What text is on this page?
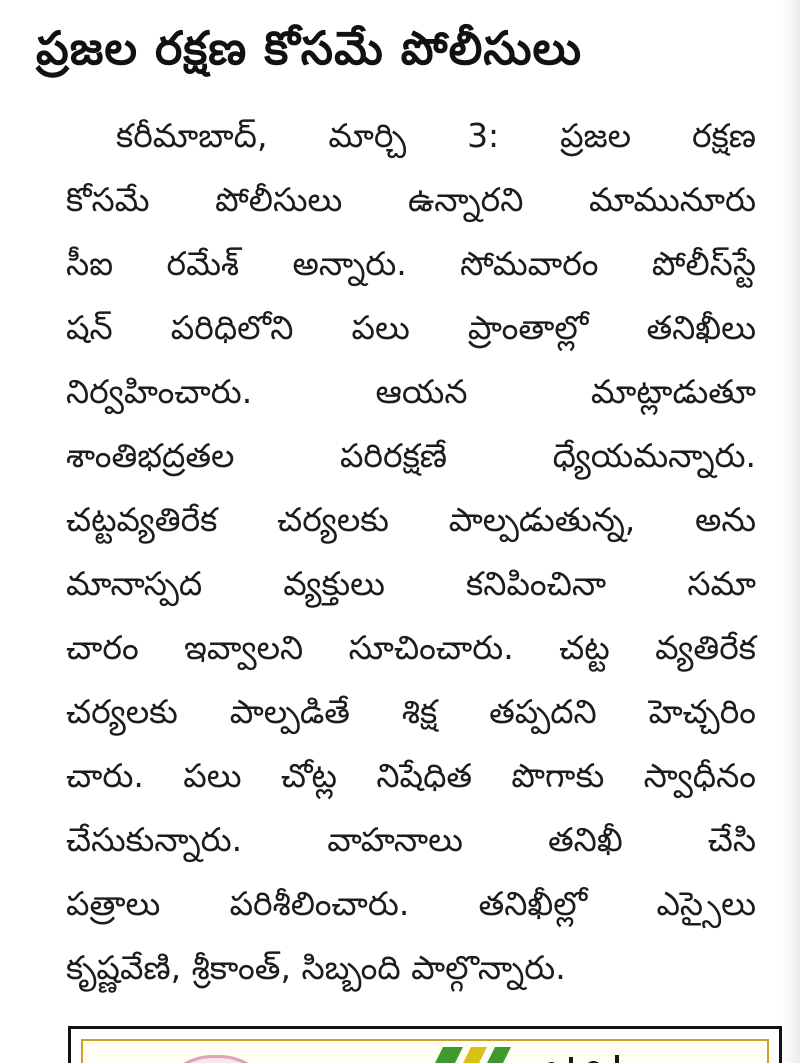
ప్రజల రక్షణ కోసమే పోలీసులు
కరీమాబాద్, మార్చి 3: ప్రజల రక్షణ
కోసమే పోలీసులు ఉన్నారని మామునూరు
సీఐ రమేశ్ అన్నారు. సోమవారం పోలీస్‌స్టే
షన్ పరిధిలోని పలు ప్రాంతాల్లో తనిఖీలు
నిర్వహించారు. ఆయన మాట్లాడుతూ
శాంతిభద్రతల పరిరక్షణే ధ్యేయమన్నారు.
చట్టవ్యతిరేక చర్యలకు పాల్పడుతున్న, అను
మానాస్పద వ్యక్తులు కనిపించినా సమా
చారం ఇవ్వాలని సూచించారు. చట్ట వ్యతిరేక
చర్యలకు పాల్పడితే శిక్ష తప్పదని హెచ్చరిం
చారు. పలు చోట్ల నిషేధిత పొగాకు స్వాధీనం
చేసుకున్నారు. వాహనాలు తనిఖీ చేసి
పత్రాలు పరిశీలించారు. తనిఖీల్లో ఎస్సైలు
కృష్ణవేణి, శ్రీకాంత్, సిబ్బంది పాల్గొన్నారు.
